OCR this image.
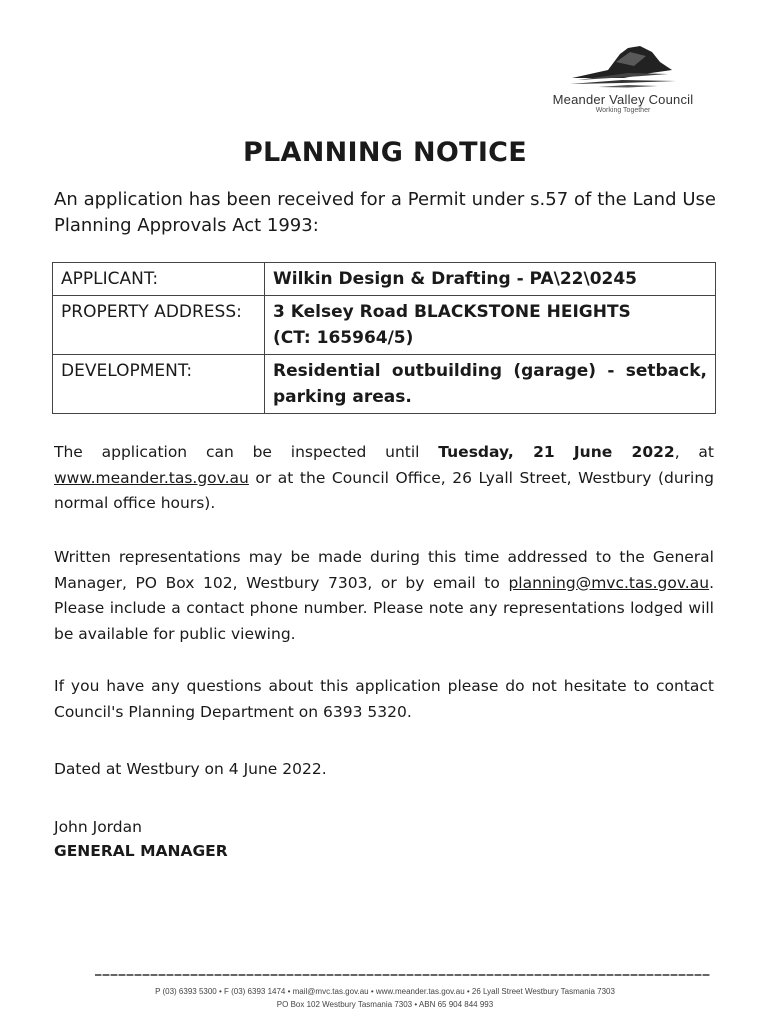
Meander Valley Council
Working Together
PLANNING NOTICE
An application has been received for a Permit under s.57 of the Land Use Planning Approvals Act 1993:
APPLICANT:	Wilkin Design & Drafting - PA\22\0245
PROPERTY ADDRESS:	3 Kelsey Road BLACKSTONE HEIGHTS
(CT: 165964/5)

DEVELOPMENT:	Residential outbuilding (garage) - setback, parking areas.
The application can be inspected until Tuesday, 21 June 2022, at www.meander.tas.gov.au or at the Council Office, 26 Lyall Street, Westbury (during normal office hours).
Written representations may be made during this time addressed to the General Manager, PO Box 102, Westbury 7303, or by email to planning@mvc.tas.gov.au. Please include a contact phone number. Please note any representations lodged will be available for public viewing.
If you have any questions about this application please do not hesitate to contact Council's Planning Department on 6393 5320.
Dated at Westbury on 4 June 2022.
John Jordan
GENERAL MANAGER
P (03) 6393 5300 • F (03) 6393 1474 • mail@mvc.tas.gov.au • www.meander.tas.gov.au • 26 Lyall Street Westbury Tasmania 7303
PO Box 102 Westbury Tasmania 7303 • ABN 65 904 844 993
